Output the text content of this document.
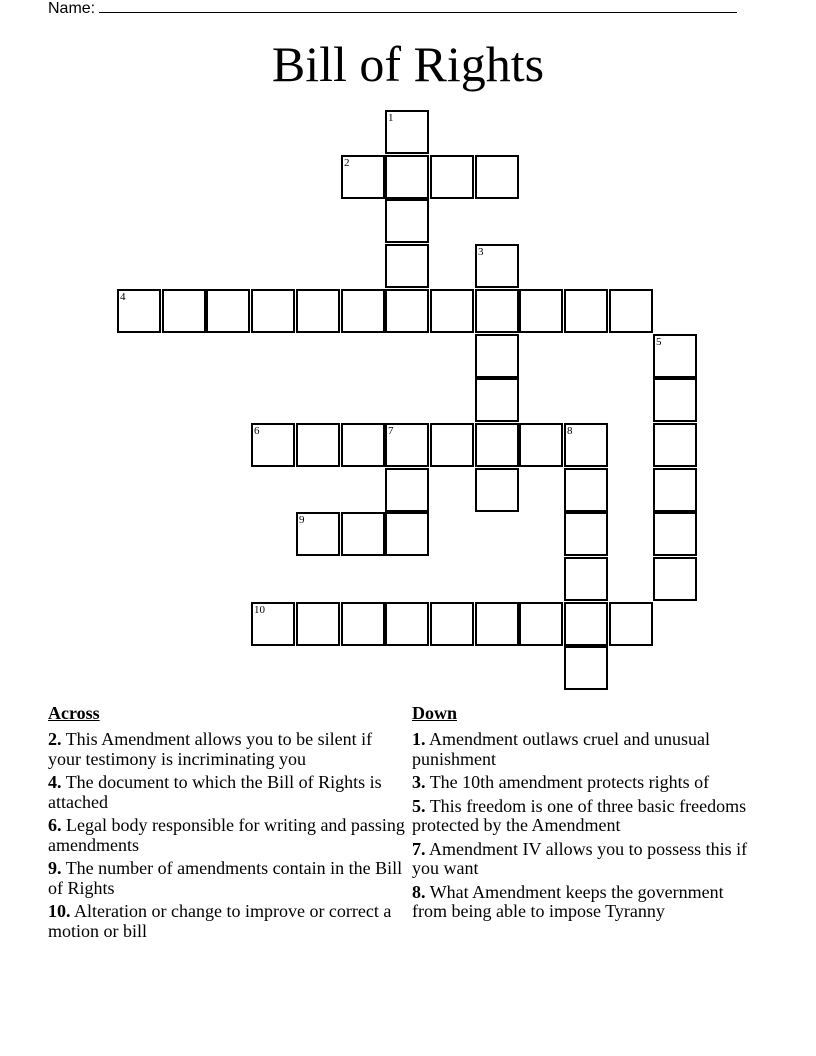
Name:
Bill of Rights
1
2
3
4
5
6	7	8
9
10
Across
2. This Amendment allows you to be silent if your testimony is incriminating you
4. The document to which the Bill of Rights is attached
6. Legal body responsible for writing and passing amendments
9. The number of amendments contain in the Bill of Rights
10. Alteration or change to improve or correct a motion or bill
Down
1. Amendment outlaws cruel and unusual punishment
3. The 10th amendment protects rights of
5. This freedom is one of three basic freedoms protected by the Amendment
7. Amendment IV allows you to possess this if you want
8. What Amendment keeps the government from being able to impose Tyranny
